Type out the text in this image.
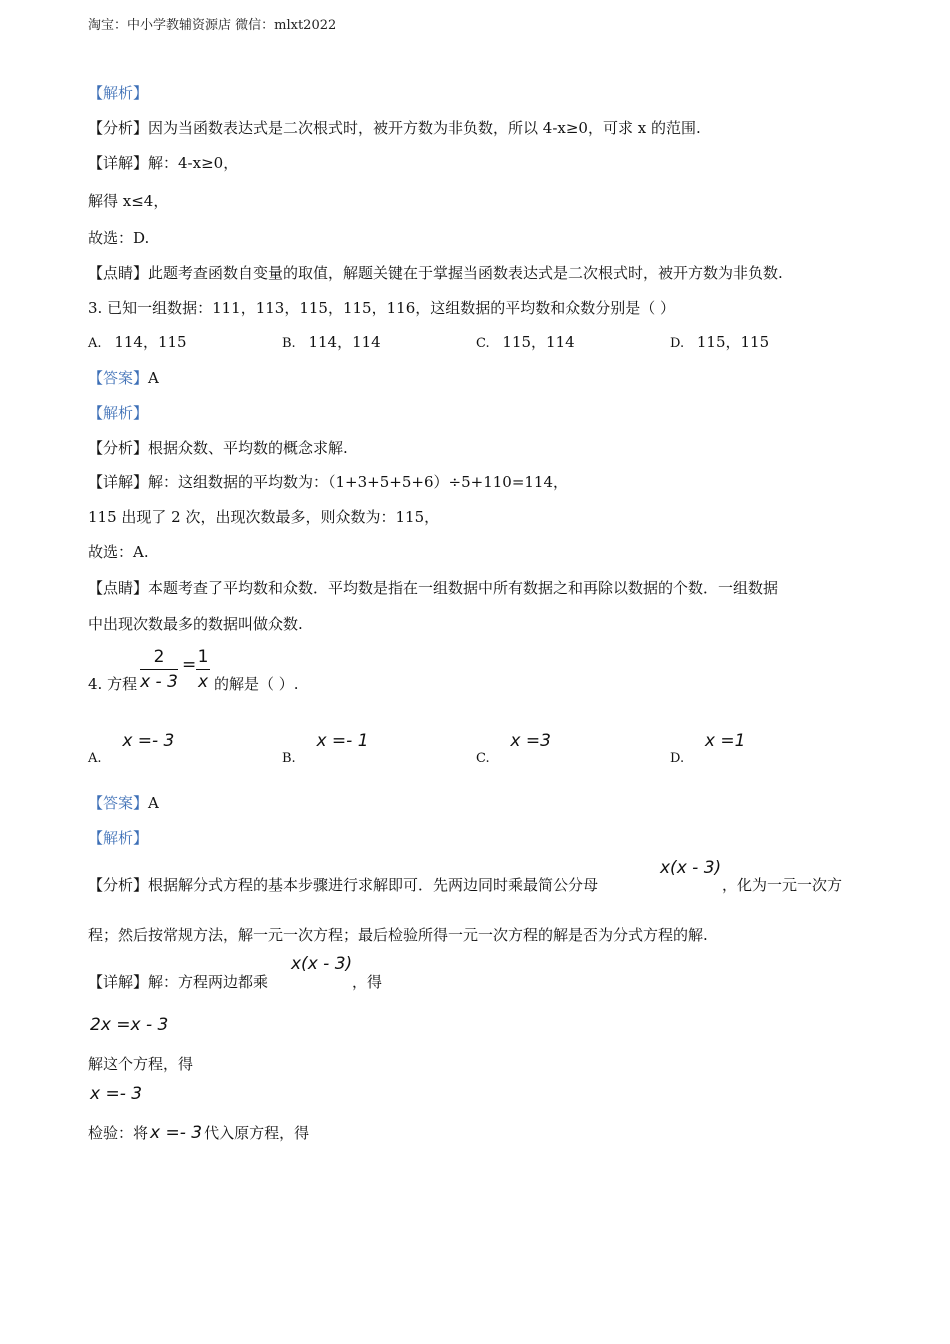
淘宝：中小学教辅资源店 微信：mlxt2022
【解析】
【分析】因为当函数表达式是二次根式时，被开方数为非负数，所以 4-x≥0，可求 x 的范围.
【详解】解：4-x≥0，
解得 x≤4，
故选：D.
【点睛】此题考查函数自变量的取值，解题关键在于掌握当函数表达式是二次根式时，被开方数为非负数.
3. 已知一组数据：111，113，115，115，116，这组数据的平均数和众数分别是（ ）
A. 114，115	B. 114，114	C. 115，114	D. 115，115
【答案】A
【解析】
【分析】根据众数、平均数的概念求解.
【详解】解：这组数据的平均数为：（1+3+5+5+6）÷5+110=114，
115 出现了 2 次，出现次数最多，则众数为：115，
故选：A.
【点睛】本题考查了平均数和众数．平均数是指在一组数据中所有数据之和再除以数据的个数．一组数据
中出现次数最多的数据叫做众数.
4. 方程
2
x - 3
= 1
x 的解是（ ）.
A. x =- 3
B. x =- 1
C. x =3
D. x =1
【答案】A
【解析】
【分析】根据解分式方程的基本步骤进行求解即可．先两边同时乘最简公分母
x(x - 3)
，化为一元一次方
程；然后按常规方法，解一元一次方程；最后检验所得一元一次方程的解是否为分式方程的解.
【详解】解：方程两边都乘
x(x - 3)
，得
2x =x - 3
解这个方程，得
x =- 3
检验：将 x =- 3 代入原方程，得
